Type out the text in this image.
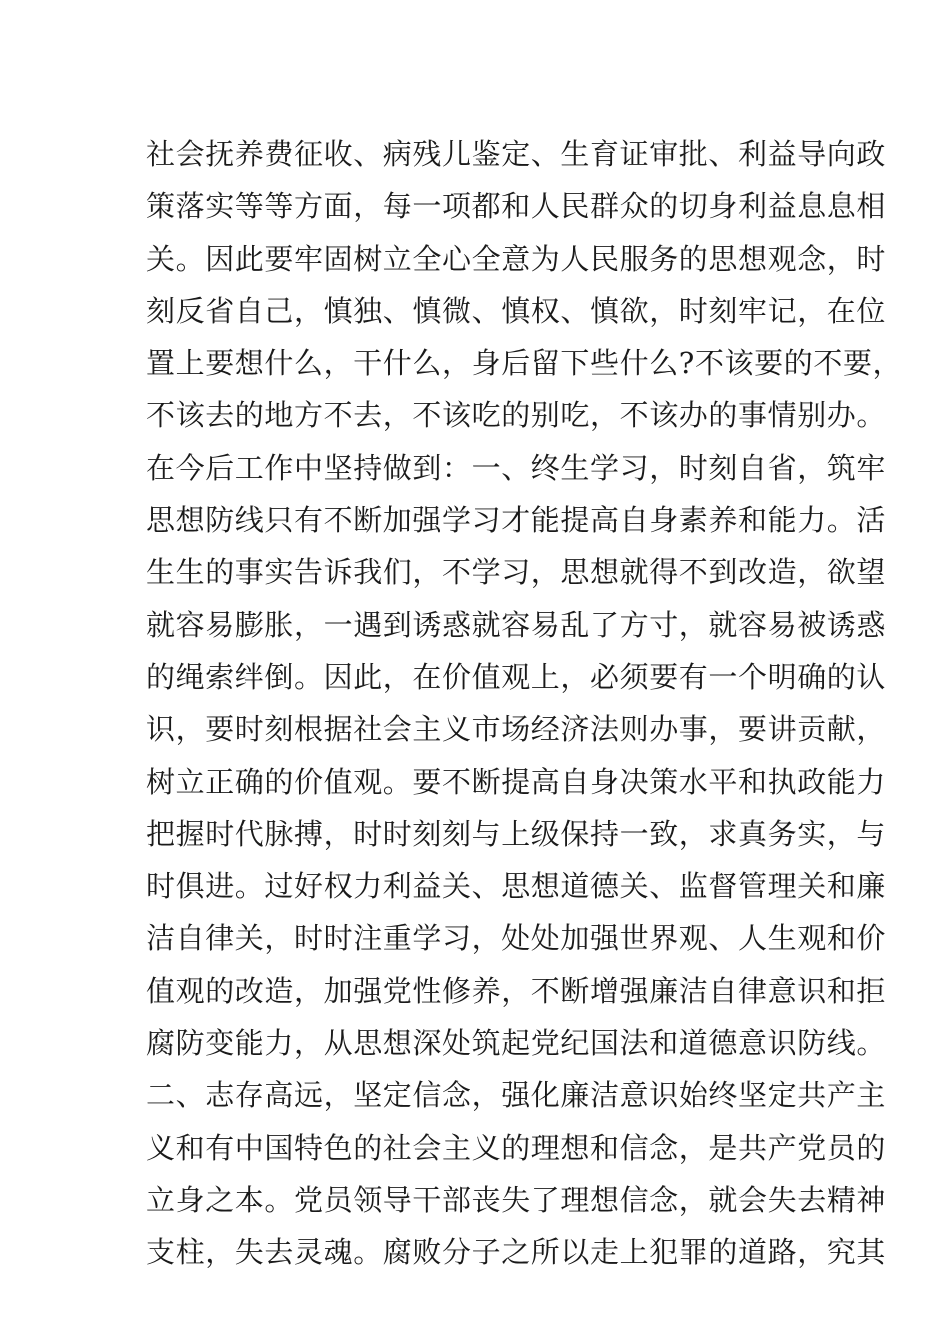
社会抚养费征收、病残儿鉴定、生育证审批、利益导向政
策落实等等方面，每一项都和人民群众的切身利益息息相
关。因此要牢固树立全心全意为人民服务的思想观念，时
刻反省自己，慎独、慎微、慎权、慎欲，时刻牢记，在位
置上要想什么，干什么，身后留下些什么?不该要的不要，
不该去的地方不去，不该吃的别吃，不该办的事情别办。
在今后工作中坚持做到：一、终生学习，时刻自省，筑牢
思想防线只有不断加强学习才能提高自身素养和能力。活
生生的事实告诉我们，不学习，思想就得不到改造，欲望
就容易膨胀，一遇到诱惑就容易乱了方寸，就容易被诱惑
的绳索绊倒。因此，在价值观上，必须要有一个明确的认
识，要时刻根据社会主义市场经济法则办事，要讲贡献，
树立正确的价值观。要不断提高自身决策水平和执政能力
把握时代脉搏，时时刻刻与上级保持一致，求真务实，与
时俱进。过好权力利益关、思想道德关、监督管理关和廉
洁自律关，时时注重学习，处处加强世界观、人生观和价
值观的改造，加强党性修养，不断增强廉洁自律意识和拒
腐防变能力，从思想深处筑起党纪国法和道德意识防线。
二、志存高远，坚定信念，强化廉洁意识始终坚定共产主
义和有中国特色的社会主义的理想和信念，是共产党员的
立身之本。党员领导干部丧失了理想信念，就会失去精神
支柱，失去灵魂。腐败分子之所以走上犯罪的道路，究其
